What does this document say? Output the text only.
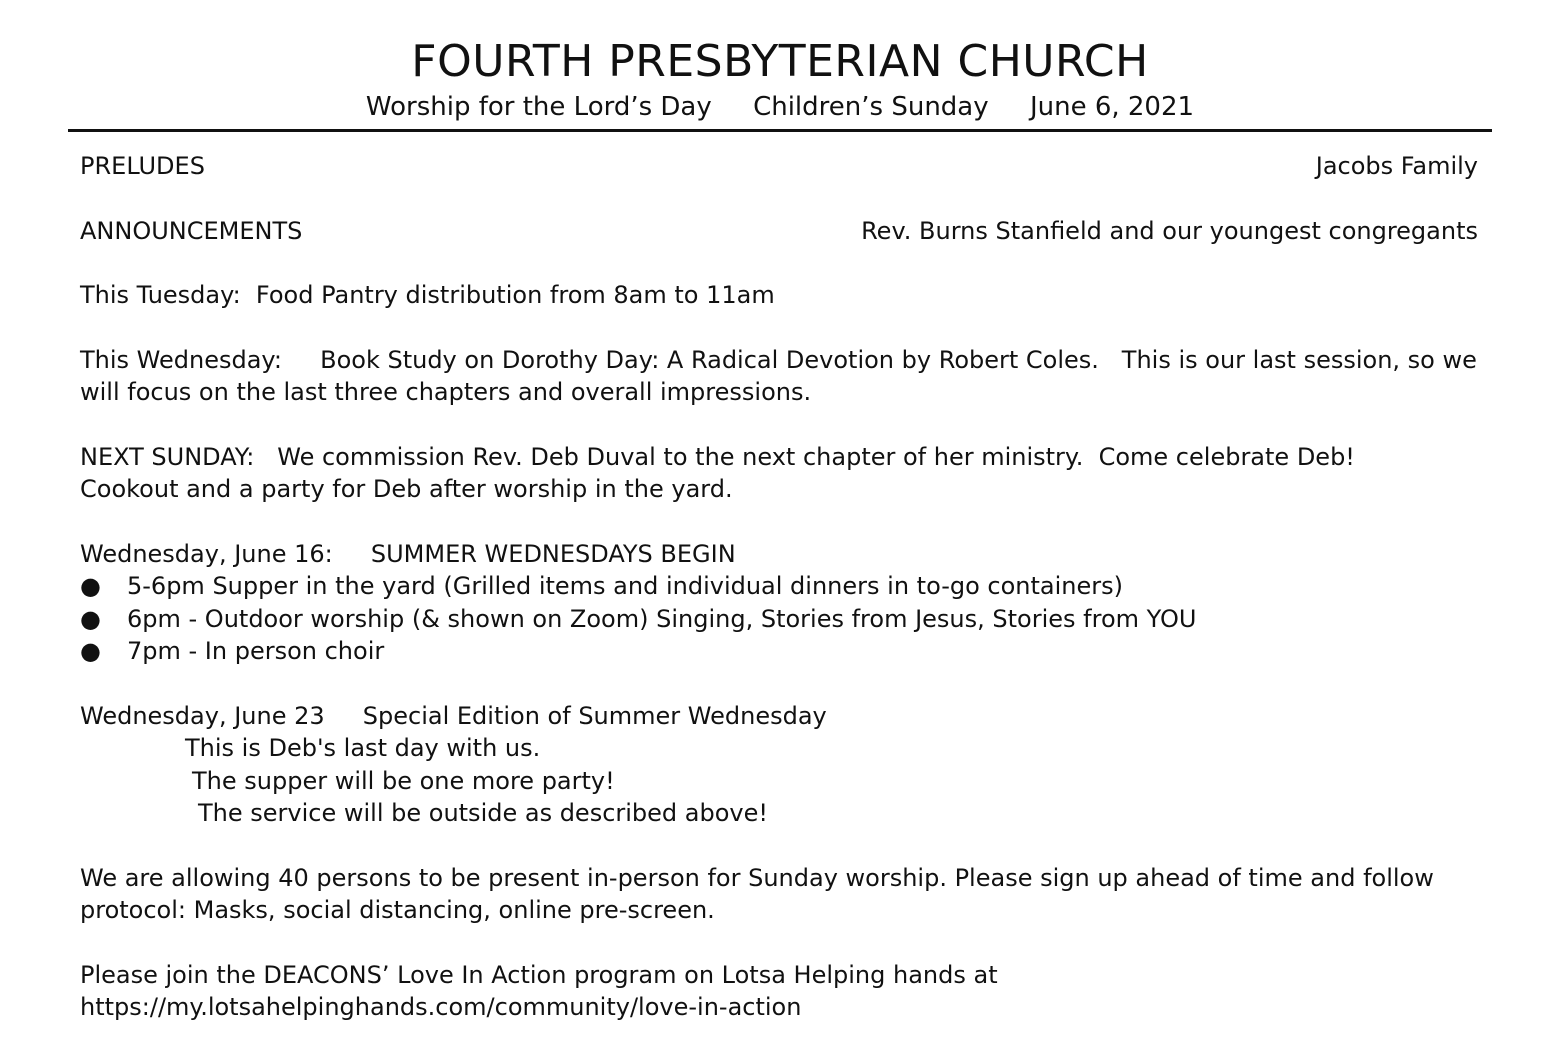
FOURTH PRESBYTERIAN CHURCH
Worship for the Lord’s Day     Children’s Sunday     June 6, 2021
PRELUDES	Jacobs Family
ANNOUNCEMENTS	Rev. Burns Stanfield and our youngest congregants

This Tuesday:  Food Pantry distribution from 8am to 11am

This Wednesday:     Book Study on Dorothy Day: A Radical Devotion by Robert Coles.   This is our last session, so we will focus on the last three chapters and overall impressions.

NEXT SUNDAY:   We commission Rev. Deb Duval to the next chapter of her ministry.  Come celebrate Deb!     Cookout and a party for Deb after worship in the yard.

Wednesday, June 16:     SUMMER WEDNESDAYS BEGIN

●	5-6pm Supper in the yard (Grilled items and individual dinners in to-go containers)
●	6pm - Outdoor worship (& shown on Zoom) Singing, Stories from Jesus, Stories from YOU
●	7pm - In person choir

Wednesday, June 23     Special Edition of Summer Wednesday

This is Deb's last day with us.
The supper will be one more party!
The service will be outside as described above!

We are allowing 40 persons to be present in-person for Sunday worship. Please sign up ahead of time and follow protocol: Masks, social distancing, online pre-screen.

Please join the DEACONS’ Love In Action program on Lotsa Helping hands at

https://my.lotsahelpinghands.com/community/love-in-action
